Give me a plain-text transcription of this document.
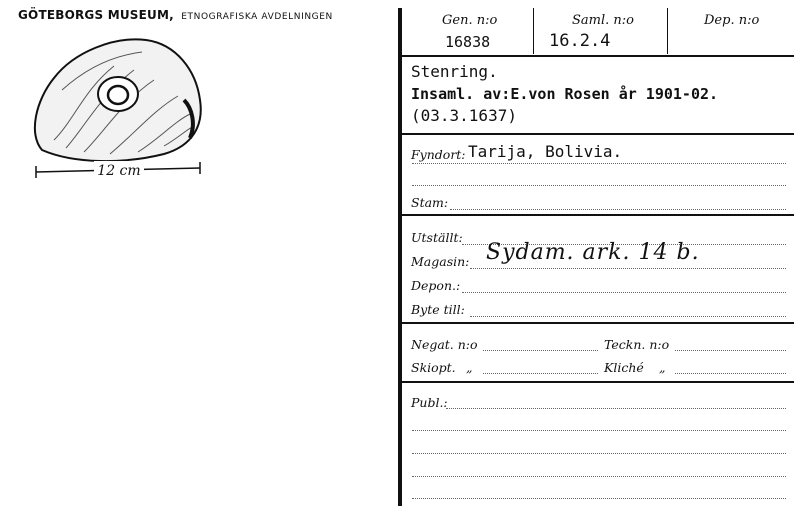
GÖTEBORGS MUSEUM, ETNOGRAFISKA AVDELNINGEN
12 cm
Gen. n:o
16838
Saml. n:o
16.2.4
Dep. n:o
Stenring.
Insaml. av:E.von Rosen år 1901-02.
(03.3.1637)
Fyndort: Tarija, Bolivia.
Stam:
Utställt:
Magasin: Sydam. ark. 14 b.
Depon.:
Byte till:
Negat. n:o	Teckn. n:o
Skiopt. „	Kliché „
Publ.:
